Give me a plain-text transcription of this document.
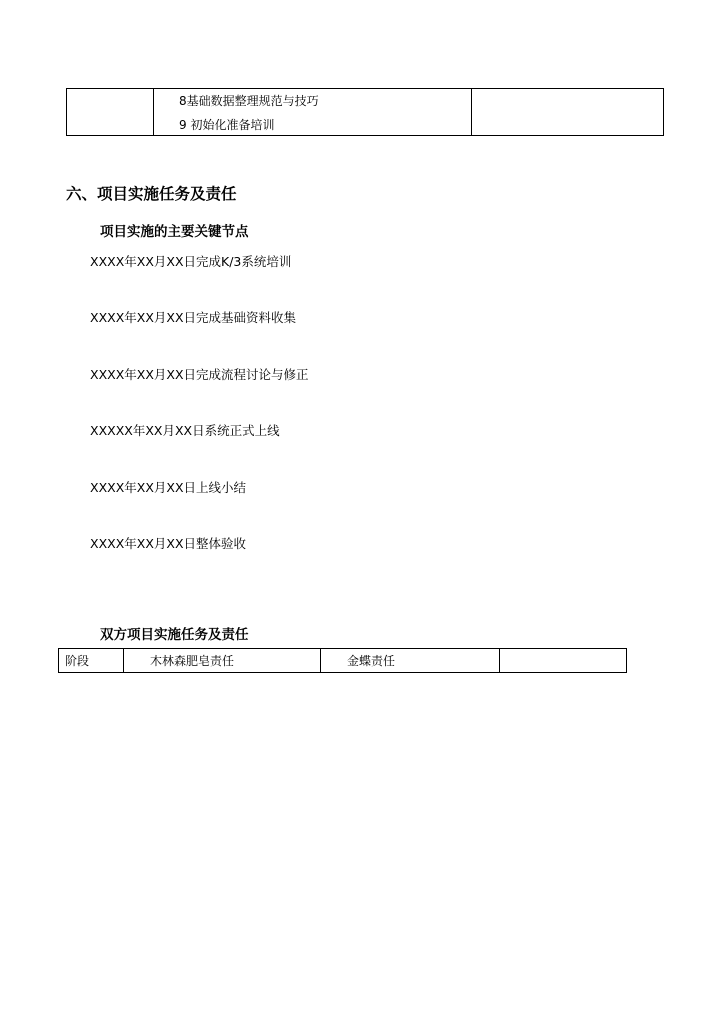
8基础数据整理规范与技巧
9 初始化准备培训

六、项目实施任务及责任
项目实施的主要关键节点
XXXX年XX月XX日完成K/3系统培训
XXXX年XX月XX日完成基础资料收集
XXXX年XX月XX日完成流程讨论与修正
XXXXX年XX月XX日系统正式上线
XXXX年XX月XX日上线小结
XXXX年XX月XX日整体验收
双方项目实施任务及责任
阶段	木林森肥皂责任	金蝶责任	
